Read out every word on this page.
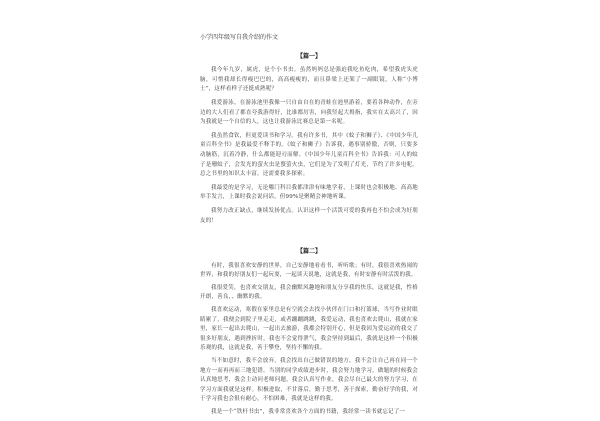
小学四年级写自我介绍的作文
【篇一】

我今年九岁，属虎，是个小书虫。虽然妈妈总是强迫我吃鱼吃肉，希望我虎头虎脑，可惜我却长得瘦巴巴的，高高瘦瘦的，而且鼻梁上还架了一副眼镜，人称“小博士”，这样看样子还挺成熟呢？

我爱游泳。在游泳池里我像一只自由自在的青蛙在池里游着，要着各种动作，在旁边的大人们看了都直夸我游得好，比谁都厉害，向我竖起大拇指，我实在太高兴了，因为我就是一个自信的人，这也让我游泳比赛总是第一名呢。

我虽然食钦，但更爱读书和学习。我有许多书，其中《蚊子和狮子》、《中国少年儿童百科全书》是我最爱不释手的。《蚊子和狮子》告诉我，遇事别骄傲，否则，只要多动脑筋，沉着冷静，什么都能迎刃而解。《中国少年儿童百科全书》告诉我：可人的蚊子是珊蚊子，会发光的萤火虫是螯萤火虫，它们是为了发明了灯光，节约了许多电呢。总之书里的知识太丰富，还需要我多探索。

我最爱的是学习，无论哪门科目我都津津有味地学着，上课时也会积极地、高高地举手发言，上课时我会说问话，但99%是聚精会神地听课。

我努力改正缺点，继续发扬优点。认识这样一个活泼可爱的我再也不怕会成为好朋友的！

【篇二】

有时，我很喜欢安静的世界，自己安静地看看书，听听歌；有时，我很喜欢热闹的世界，和我的好朋友们一起玩耍，一起谈天说地，这就是我，有时安静有时活泼的我。

我很爱笑，也喜欢交朋友，我会幽默风趣地和朋友分享我的快乐，这就是我，性格开朗，善良，、幽默的我。

我喜欢运动，寒假在家里总是有空就会去找小伙伴在门口和打篮球，当写作业时眼睛累了，我便会到院子里走走，或者蹦蹦跳跳，我爱运动，我也喜欢去爬山，我就在家里，家长一起出去爬山，一起出去旅游，我都会特别开心，但是我因为爱运动的我交了很多好朋友，遇到挫折时，我也不会觉得泄气，我会坚持到最后，我就是这样一个积极乐观的我，这就是我，善于攀登，坚持不懈的我。

当不如意时，我不会放弃，我会找出自己做错误的地方，我不会让自己再在同一个地方一而再再而三地犯错。当别的同学成绩进步时，我会努力地学习，做题的时候我会认真地思考，我会主动问老师问题，我会认真写作业，我会尽自己最大的努力学习，在学习方面我就是这样。积极进取，不甘落后，勤于思考，善于探索，勤奋好学的我，对于学习我也会很有耐心，不怕困难，我就是这样的我。

我是一个“铁杆书虫”，我非常喜欢各个方面的书籍，我经常一读书就忘记了一
